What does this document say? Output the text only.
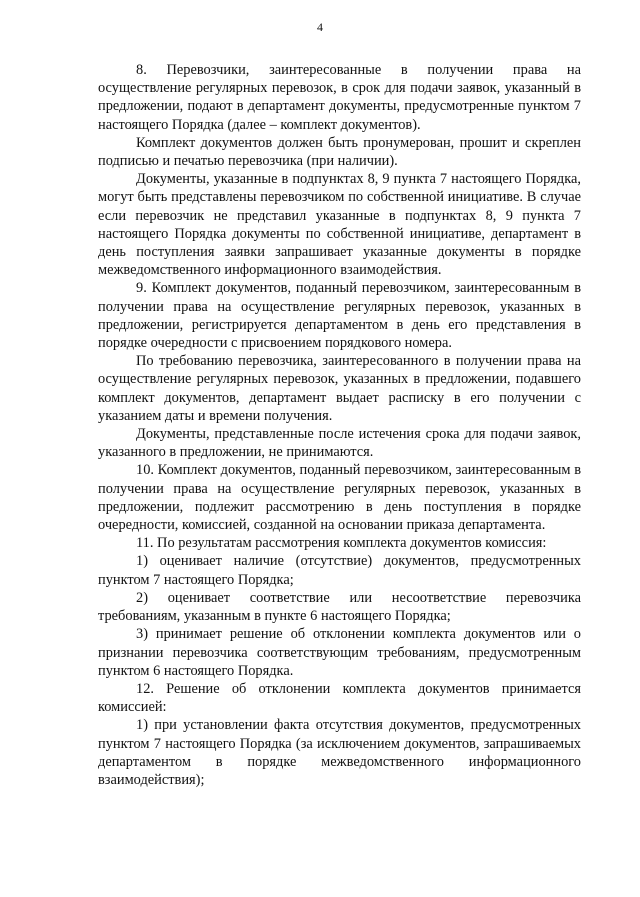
4

8. Перевозчики, заинтересованные в получении права на осуществление регулярных перевозок, в срок для подачи заявок, указанный в предложении, подают в департамент документы, предусмотренные пунктом 7 настоящего Порядка (далее – комплект документов).

Комплект документов должен быть пронумерован, прошит и скреплен подписью и печатью перевозчика (при наличии).

Документы, указанные в подпунктах 8, 9 пункта 7 настоящего Порядка, могут быть представлены перевозчиком по собственной инициативе. В случае если перевозчик не представил указанные в подпунктах 8, 9 пункта 7 настоящего Порядка документы по собственной инициативе, департамент в день поступления заявки запрашивает указанные документы в порядке межведомственного информационного взаимодействия.

9. Комплект документов, поданный перевозчиком, заинтересованным в получении права на осуществление регулярных перевозок, указанных в предложении, регистрируется департаментом в день его представления в порядке очередности с присвоением порядкового номера.

По требованию перевозчика, заинтересованного в получении права на осуществление регулярных перевозок, указанных в предложении, подавшего комплект документов, департамент выдает расписку в его получении с указанием даты и времени получения.

Документы, представленные после истечения срока для подачи заявок, указанного в предложении, не принимаются.

10. Комплект документов, поданный перевозчиком, заинтересованным в получении права на осуществление регулярных перевозок, указанных в предложении, подлежит рассмотрению в день поступления в порядке очередности, комиссией, созданной на основании приказа департамента.

11. По результатам рассмотрения комплекта документов комиссия:

1) оценивает наличие (отсутствие) документов, предусмотренных пунктом 7 настоящего Порядка;

2) оценивает соответствие или несоответствие перевозчика требованиям, указанным в пункте 6 настоящего Порядка;

3) принимает решение об отклонении комплекта документов или о признании перевозчика соответствующим требованиям, предусмотренным пунктом 6 настоящего Порядка.

12. Решение об отклонении комплекта документов принимается комиссией:

1) при установлении факта отсутствия документов, предусмотренных пунктом 7 настоящего Порядка (за исключением документов, запрашиваемых департаментом в порядке межведомственного информационного взаимодействия);
